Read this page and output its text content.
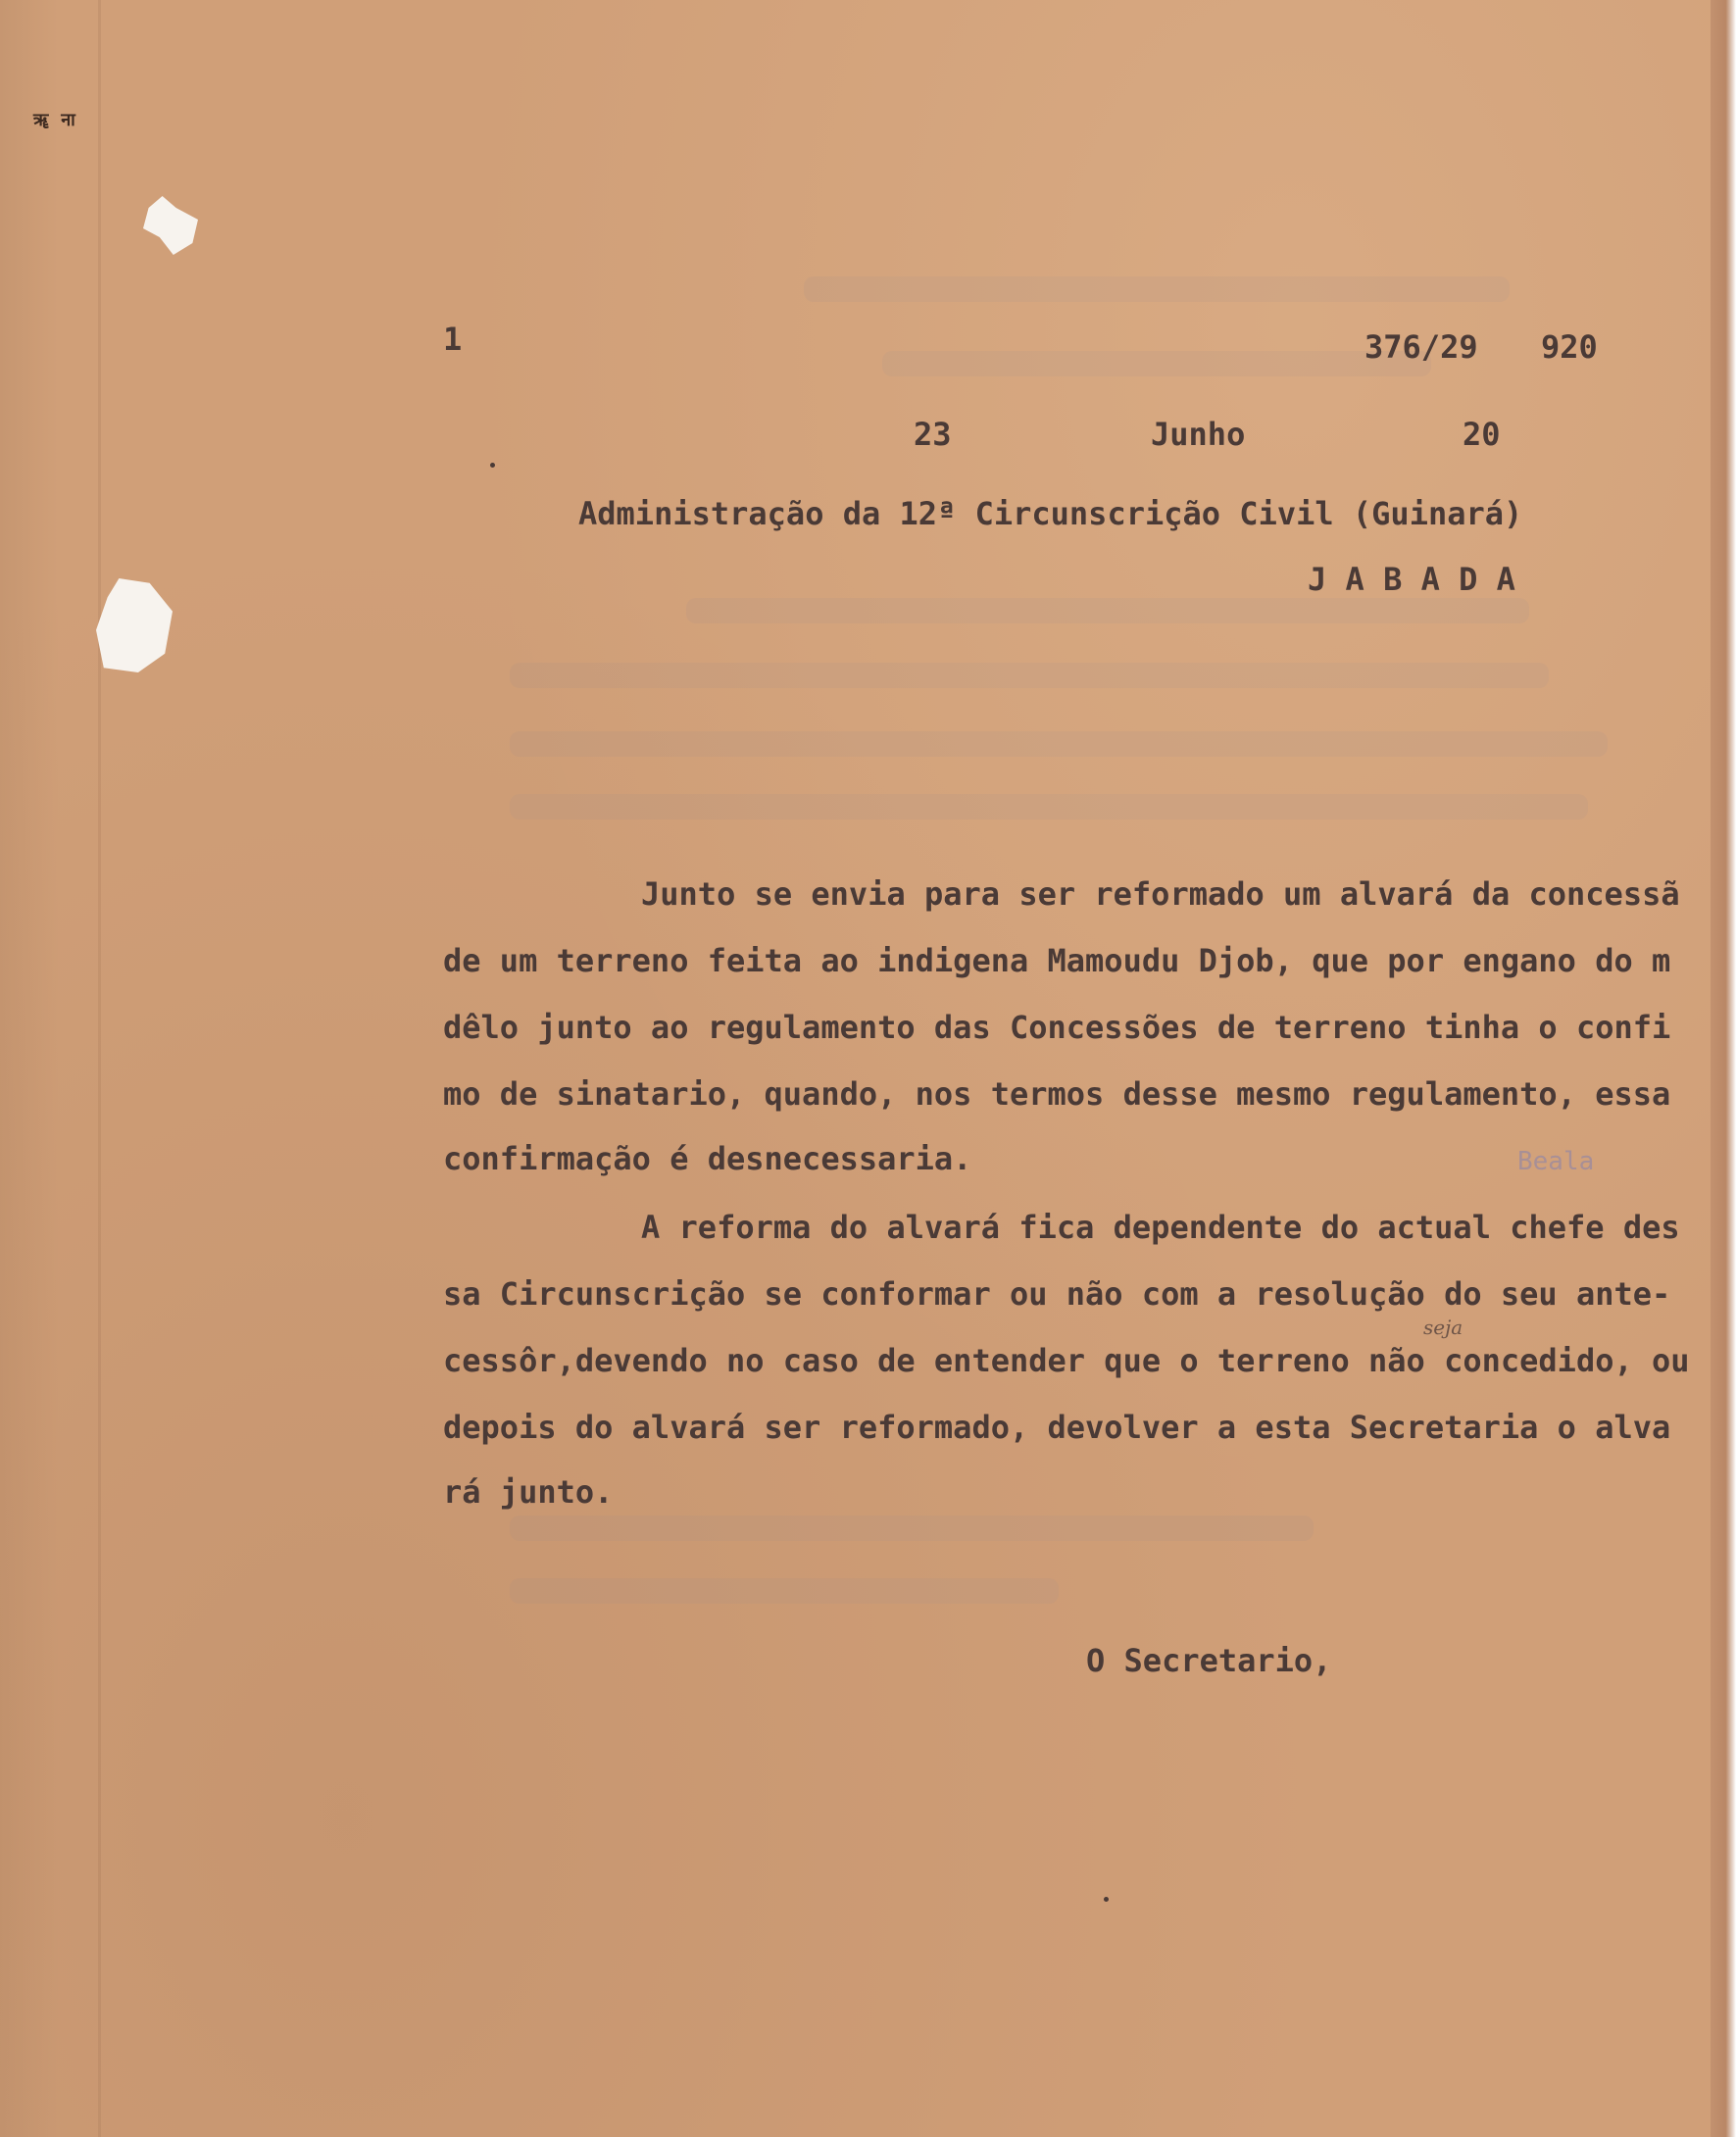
ॠ ना
1	376/29 920
23	Junho	20
Administração da 12ª Circunscrição Civil (Guinará)
J A B A D A
Junto se envia para ser reformado um alvará da concessã
de um terreno feita ao indigena Mamoudu Djob, que por engano do m
dêlo junto ao regulamento das Concessões de terreno tinha o confi
mo de sinatario, quando, nos termos desse mesmo regulamento, essa
confirmação é desnecessaria.	Beala
A reforma do alvará fica dependente do actual chefe des
sa Circunscrição se conformar ou não com a resolução do seu ante-
cessôr,devendo no caso de entender que o terreno não concedido, ou
depois do alvará ser reformado, devolver a esta Secretaria o alva
rá junto.
seja
O Secretario,
